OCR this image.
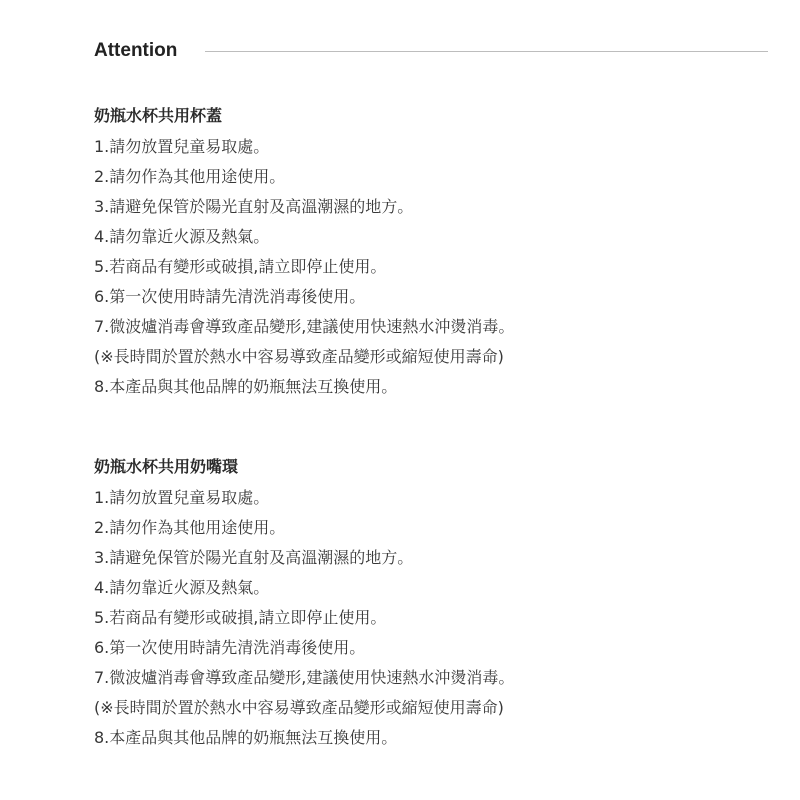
Attention
奶瓶水杯共用杯蓋
1.請勿放置兒童易取處。
2.請勿作為其他用途使用。
3.請避免保管於陽光直射及高溫潮濕的地方。
4.請勿靠近火源及熱氣。
5.若商品有變形或破損,請立即停止使用。
6.第一次使用時請先清洗消毒後使用。
7.微波爐消毒會導致產品變形,建議使用快速熱水沖燙消毒。
(※長時間於置於熱水中容易導致產品變形或縮短使用壽命)
8.本產品與其他品牌的奶瓶無法互換使用。
奶瓶水杯共用奶嘴環
1.請勿放置兒童易取處。
2.請勿作為其他用途使用。
3.請避免保管於陽光直射及高溫潮濕的地方。
4.請勿靠近火源及熱氣。
5.若商品有變形或破損,請立即停止使用。
6.第一次使用時請先清洗消毒後使用。
7.微波爐消毒會導致產品變形,建議使用快速熱水沖燙消毒。
(※長時間於置於熱水中容易導致產品變形或縮短使用壽命)
8.本產品與其他品牌的奶瓶無法互換使用。
